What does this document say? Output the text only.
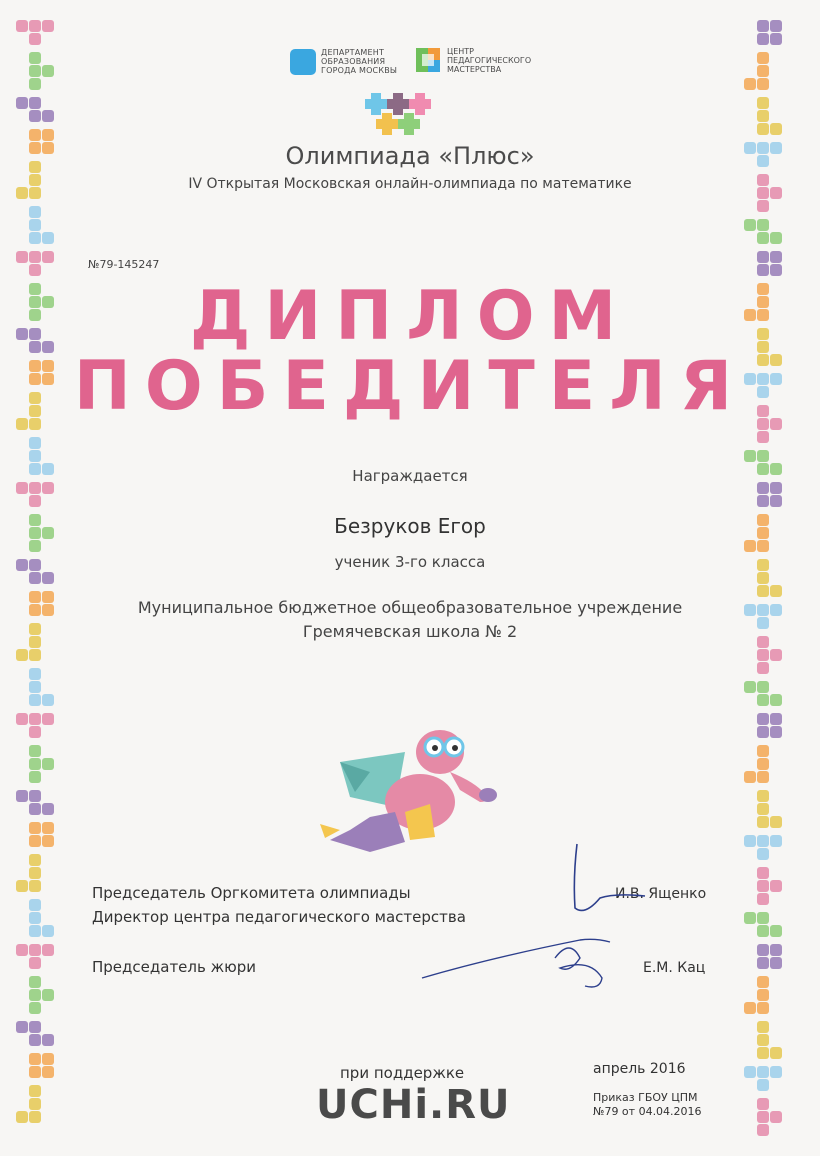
ДЕПАРТАМЕНТ
ОБРАЗОВАНИЯ
ГОРОДА МОСКВЫ
ЦЕНТР
ПЕДАГОГИЧЕСКОГО
МАСТЕРСТВА
Олимпиада «Плюс»
IV Открытая Московская онлайн-олимпиада по математике
№79-145247
ДИПЛОМ
ПОБЕДИТЕЛЯ
Награждается
Безруков Егор
ученик 3-го класса
Муниципальное бюджетное общеобразовательное учреждение
Гремячевская школа № 2
Председатель Оргкомитета олимпиады
Директор центра педагогического мастерства
И.В. Ященко
Председатель жюри	Е.М. Кац
при поддержке
UCHi.RU
апрель 2016
Приказ ГБОУ ЦПМ
№79 от 04.04.2016
